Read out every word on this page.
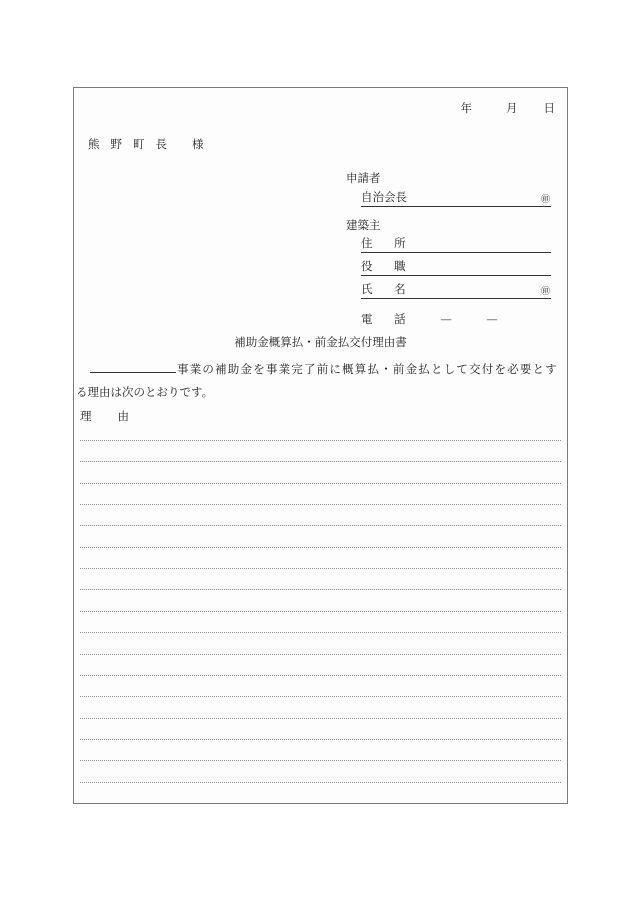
年	月 日
熊野町長 様
申請者
自治会長	㊞
建築主
住 所
役 職
氏 名	㊞
電 話 —　　　—
補助金概算払・前金払交付理由書
事業の補助金を事業完了前に概算払・前金払として交付を必要とす
る理由は次のとおりです。
理 由
